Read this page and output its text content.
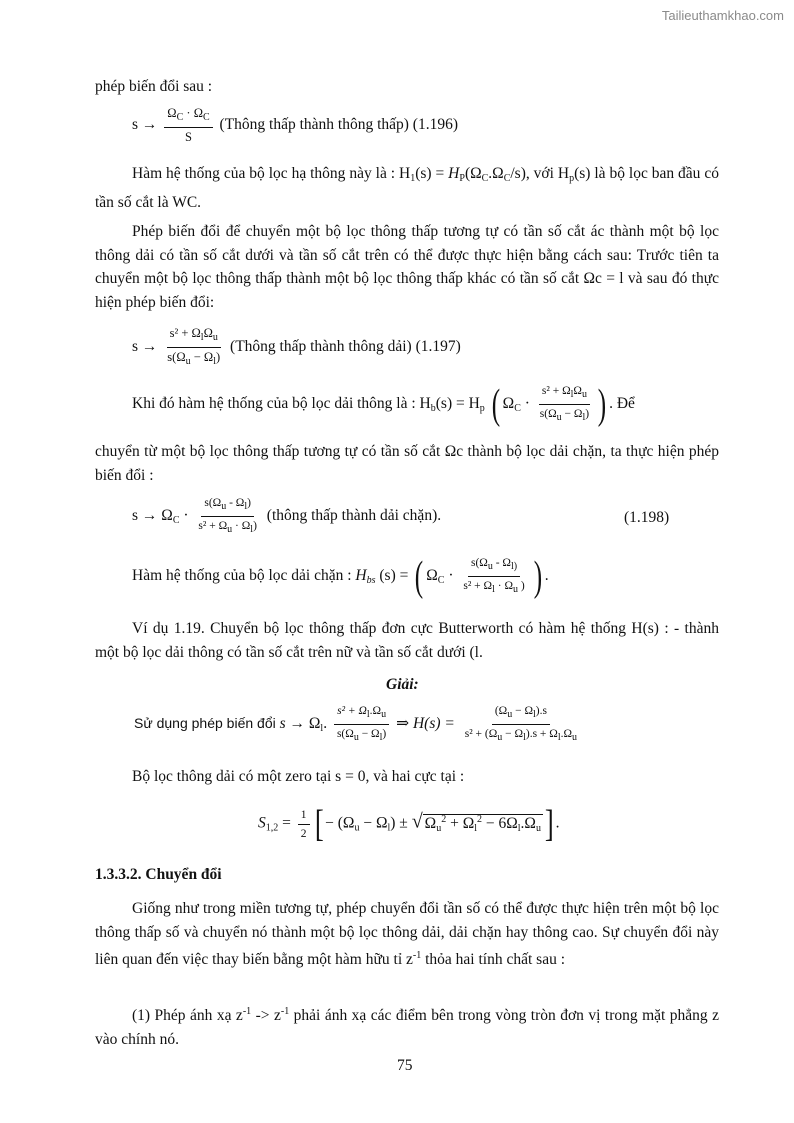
Tailieuthamkhao.com
phép biến đổi sau :
$s \to \frac{\Omega_C \cdot \Omega_C}{S}$ (Thông thấp thành thông thấp) (1.196)
Hàm hệ thống của bộ lọc hạ thông này là : $H_1(s) = H_P(\Omega_C.\Omega_C/s)$, với $H_p(s)$ là bộ lọc ban đầu có tần số cắt là WC.
Phép biến đổi để chuyển một bộ lọc thông thấp tương tự có tần số cắt ác thành một bộ lọc thông dải có tần số cắt dưới và tần số cắt trên có thể được thực hiện bằng cách sau: Trước tiên ta chuyển một bộ lọc thông thấp thành một bộ lọc thông thấp khác có tần số cắt Ωc = l và sau đó thực hiện phép biến đổi:
$s \to \frac{s^2 + \Omega_l\Omega_u}{s(\Omega_u - \Omega_l)}$ (Thông thấp thành thông dải) (1.197)
Khi đó hàm hệ thống của bộ lọc dải thông là : $H_b(s) = H_p$ ( $\Omega_C \cdot \frac{s^2 + \Omega_l\Omega_u}{s(\Omega_u - \Omega_l)}$ ) . Để
chuyển từ một bộ lọc thông thấp tương tự có tần số cắt Ωc thành bộ lọc dải chặn, ta thực hiện phép biến đổi :
$s \to \Omega_C \cdot \frac{s(\Omega_u - \Omega_l)}{s^2 + \Omega_u \cdot \Omega_l)}$ (thông thấp thành dải chặn).	(1.198)
Hàm hệ thống của bộ lọc dải chặn : $H_{bs}$ (s) = ( $\Omega_C \cdot \frac{s(\Omega_u - \Omega_{l)}}{s^2 + \Omega_l \cdot \Omega_u )}$ ) .
Ví dụ 1.19. Chuyển bộ lọc thông thấp đơn cực Butterworth có hàm hệ thống H(s) : - thành một bộ lọc dải thông có tần số cắt trên nữ và tần số cắt dưới (l.
Giải:
Sử dụng phép biến đổi $s \to \Omega_l$. $\frac{s^2 + \Omega_l.\Omega_u}{s(\Omega_u - \Omega_l)}$ ⇒ $H(s) = \frac{(\Omega_u - \Omega_l).s}{s^2 + (\Omega_u - \Omega_l).s + \Omega_l.\Omega_u}$
Bộ lọc thông dải có một zero tại s = 0, và hai cực tại :
$S_{1,2} = \frac{1}{2}$ [ − $(\Omega_u - \Omega_l)$ ± √ $\Omega_u^2 + \Omega_l^2 - 6\Omega_l.\Omega_u$ ] .
1.3.3.2. Chuyển đổi
Giống như trong miền tương tự, phép chuyển đổi tần số có thể được thực hiện trên một bộ lọc thông thấp số và chuyển nó thành một bộ lọc thông dải, dải chặn hay thông cao. Sự chuyển đổi này liên quan đến việc thay biến bằng một hàm hữu tỉ $z^{-1}$ thỏa hai tính chất sau :
(1) Phép ánh xạ $z^{-1} -> z^{-1}$ phải ánh xạ các điểm bên trong vòng tròn đơn vị trong mặt phẳng z vào chính nó.
75
